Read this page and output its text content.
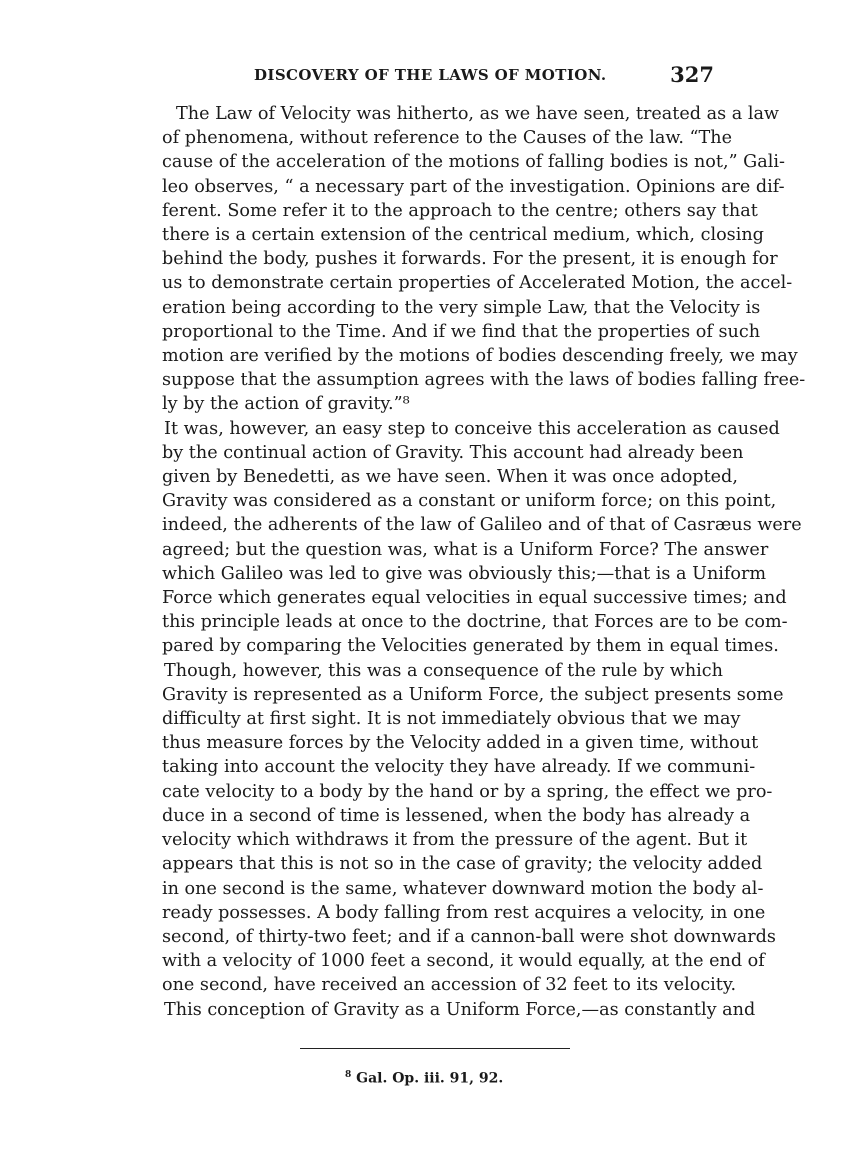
DISCOVERY OF THE LAWS OF MOTION.	327

The Law of Velocity was hitherto, as we have seen, treated as a law
of phenomena, without reference to the Causes of the law. “The
cause of the acceleration of the motions of falling bodies is not,” Gali-
leo observes, “ a necessary part of the investigation. Opinions are dif-
ferent. Some refer it to the approach to the centre; others say that
there is a certain extension of the centrical medium, which, closing
behind the body, pushes it forwards. For the present, it is enough for
us to demonstrate certain properties of Accelerated Motion, the accel-
eration being according to the very simple Law, that the Velocity is
proportional to the Time. And if we find that the properties of such
motion are verified by the motions of bodies descending freely, we may
suppose that the assumption agrees with the laws of bodies falling free-
ly by the action of gravity.”⁸

It was, however, an easy step to conceive this acceleration as caused
by the continual action of Gravity. This account had already been
given by Benedetti, as we have seen. When it was once adopted,
Gravity was considered as a constant or uniform force; on this point,
indeed, the adherents of the law of Galileo and of that of Casræus were
agreed; but the question was, what is a Uniform Force? The answer
which Galileo was led to give was obviously this;—that is a Uniform
Force which generates equal velocities in equal successive times; and
this principle leads at once to the doctrine, that Forces are to be com-
pared by comparing the Velocities generated by them in equal times.

Though, however, this was a consequence of the rule by which
Gravity is represented as a Uniform Force, the subject presents some
difficulty at first sight. It is not immediately obvious that we may
thus measure forces by the Velocity added in a given time, without
taking into account the velocity they have already. If we communi-
cate velocity to a body by the hand or by a spring, the effect we pro-
duce in a second of time is lessened, when the body has already a
velocity which withdraws it from the pressure of the agent. But it
appears that this is not so in the case of gravity; the velocity added
in one second is the same, whatever downward motion the body al-
ready possesses. A body falling from rest acquires a velocity, in one
second, of thirty-two feet; and if a cannon-ball were shot downwards
with a velocity of 1000 feet a second, it would equally, at the end of
one second, have received an accession of 32 feet to its velocity.

This conception of Gravity as a Uniform Force,—as constantly and

$^8$ Gal. Op. iii. 91, 92.
